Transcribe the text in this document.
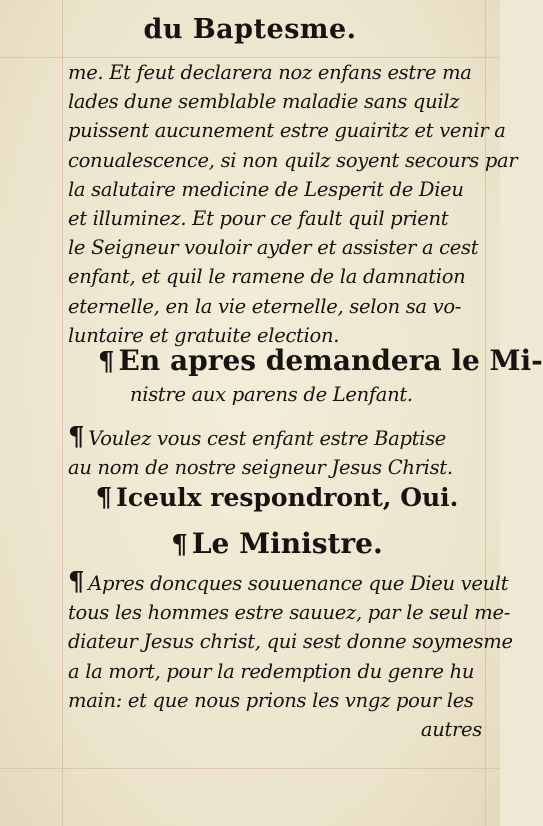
du Baptesme.
me. Et feut declarera noz enfans estre ma
lades dune semblable maladie sans quilz
puissent aucunement estre guairitz et venir a
conualescence, si non quilz soyent secours par
la salutaire medicine de Lesperit de Dieu
et illuminez. Et pour ce fault quil prient
le Seigneur vouloir ayder et assister a cest
enfant, et quil le ramene de la damnation
eternelle, en la vie eternelle, selon sa vo-
luntaire et gratuite election.
¶ En apres demandera le Mi-
nistre aux parens de Lenfant.
¶ Voulez vous cest enfant estre Baptise
au nom de nostre seigneur Jesus Christ.
¶ Iceulx respondront, Oui.
¶ Le Ministre.
¶ Apres doncques souuenance que Dieu veult
tous les hommes estre sauuez, par le seul me-
diateur Jesus christ, qui sest donne soymesme
a la mort, pour la redemption du genre hu
main: et que nous prions les vngz pour les
autres
